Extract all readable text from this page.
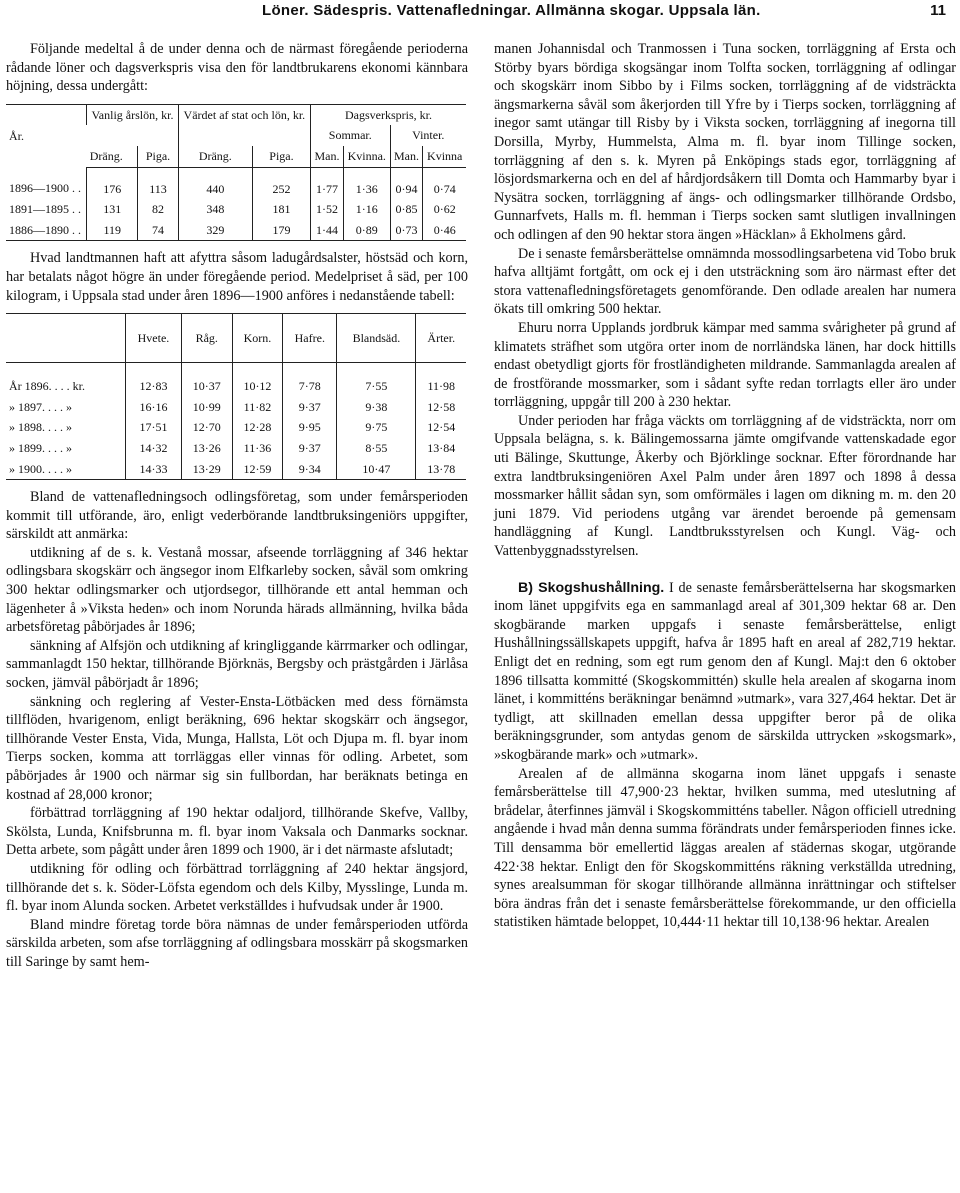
Löner. Sädespris. Vattenafledningar. Allmänna skogar. Uppsala län.	11

Följande medeltal å de under denna och de närmast föregående perioderna rådande löner och dagsverkspris visa den för landtbrukarens ekonomi kännbara höjning, dessa undergått:

År.	Vanlig årslön, kr.		Värdet af stat och lön, kr.		Dagsverkspris, kr.			
					Sommar.		Vinter.	
	Dräng.	Piga.	Dräng.	Piga.	Man.	Kvinna.	Man.	Kvinna
1896—1900 . .	176	113	440	252	1·77	1·36	0·94	0·74
1891—1895 . .	131	82	348	181	1·52	1·16	0·85	0·62
1886—1890 . .	119	74	329	179	1·44	0·89	0·73	0·46

Hvad landtmannen haft att afyttra såsom ladugårdsalster, höstsäd och korn, har betalats något högre än under föregående period. Medelpriset å säd, per 100 kilogram, i Uppsala stad under åren 1896—1900 anföres i nedanstående tabell:

	Hvete.	Råg.	Korn.	Hafre.	Blandsäd.	Ärter.
År 1896. . . . kr.	12·83	10·37	10·12	7·78	7·55	11·98
» 1897. . . . »	16·16	10·99	11·82	9·37	9·38	12·58
» 1898. . . . »	17·51	12·70	12·28	9·95	9·75	12·54
» 1899. . . . »	14·32	13·26	11·36	9·37	8·55	13·84
» 1900. . . . »	14·33	13·29	12·59	9·34	10·47	13·78

Bland de vattenafledningsoch odlingsföretag, som under femårsperioden kommit till utförande, äro, enligt vederbörande landtbruksingeniörs uppgifter, särskildt att anmärka:

utdikning af de s. k. Vestanå mossar, afseende torrläggning af 346 hektar odlingsbara skogskärr och ängsegor inom Elfkarleby socken, såväl som omkring 300 hektar odlingsmarker och utjordsegor, tillhörande ett antal hemman och lägenheter å »Viksta heden» och inom Norunda härads allmänning, hvilka båda arbetsföretag påbörjades år 1896;

sänkning af Alfsjön och utdikning af kringliggande kärrmarker och odlingar, sammanlagdt 150 hektar, tillhörande Björknäs, Bergsby och prästgården i Järlåsa socken, jämväl påbörjadt år 1896;

sänkning och reglering af Vester-Ensta-Lötbäcken med dess förnämsta tillflöden, hvarigenom, enligt beräkning, 696 hektar skogskärr och ängsegor, tillhörande Vester Ensta, Vida, Munga, Hallsta, Löt och Djupa m. fl. byar inom Tierps socken, komma att torrläggas eller vinnas för odling. Arbetet, som påbörjades år 1900 och närmar sig sin fullbordan, har beräknats betinga en kostnad af 28,000 kronor;

förbättrad torrläggning af 190 hektar odaljord, tillhörande Skefve, Vallby, Skölsta, Lunda, Knifsbrunna m. fl. byar inom Vaksala och Danmarks socknar. Detta arbete, som pågått under åren 1899 och 1900, är i det närmaste afslutadt;

utdikning för odling och förbättrad torrläggning af 240 hektar ängsjord, tillhörande det s. k. Söder-Löfsta egendom och dels Kilby, Mysslinge, Lunda m. fl. byar inom Alunda socken. Arbetet verkställdes i hufvudsak under år 1900.

Bland mindre företag torde böra nämnas de under femårsperioden utförda särskilda arbeten, som afse torrläggning af odlingsbara mosskärr på skogsmarken till Saringe by samt hem-

manen Johannisdal och Tranmossen i Tuna socken, torrläggning af Ersta och Störby byars bördiga skogsängar inom Tolfta socken, torrläggning af odlingar och skogskärr inom Sibbo by i Films socken, torrläggning af de vidsträckta ängsmarkerna såväl som åkerjorden till Yfre by i Tierps socken, torrläggning af inegor samt utängar till Risby by i Viksta socken, torrläggning af inegorna till Dorsilla, Myrby, Hummelsta, Alma m. fl. byar inom Tillinge socken, torrläggning af den s. k. Myren på Enköpings stads egor, torrläggning af lösjordsmarkerna och en del af hårdjordsåkern till Domta och Hammarby byar i Nysätra socken, torrläggning af ängs- och odlingsmarker tillhörande Ordsbo, Gunnarfvets, Halls m. fl. hemman i Tierps socken samt slutligen invallningen och odlingen af den 90 hektar stora ängen »Häcklan» å Ekholmens gård.

De i senaste femårsberättelse omnämnda mossodlingsarbetena vid Tobo bruk hafva alltjämt fortgått, om ock ej i den utsträckning som äro närmast efter det stora vattenafledningsföretagets genomförande. Den odlade arealen har numera ökats till omkring 500 hektar.

Ehuru norra Upplands jordbruk kämpar med samma svårigheter på grund af klimatets sträfhet som utgöra orter inom de norrländska länen, har dock hittills endast obetydligt gjorts för frostländigheten mildrande. Sammanlagda arealen af de frostförande mossmarker, som i sådant syfte redan torrlagts eller äro under torrläggning, uppgår till 200 à 230 hektar.

Under perioden har fråga väckts om torrläggning af de vidsträckta, norr om Uppsala belägna, s. k. Bälingemossarna jämte omgifvande vattenskadade egor uti Bälinge, Skuttunge, Åkerby och Björklinge socknar. Efter förordnande har extra landtbruksingeniören Axel Palm under åren 1897 och 1898 å dessa mossmarker hållit sådan syn, som omförmäles i lagen om dikning m. m. den 20 juni 1879. Vid periodens utgång var ärendet beroende på gemensam handläggning af Kungl. Landtbruksstyrelsen och Kungl. Väg- och Vattenbyggnadsstyrelsen.

B) Skogshushållning. I de senaste femårsberättelserna har skogsmarken inom länet uppgifvits ega en sammanlagd areal af 301,309 hektar 68 ar. Den skogbärande marken uppgafs i senaste femårsberättelse, enligt Hushållningssällskapets uppgift, hafva år 1895 haft en areal af 282,719 hektar. Enligt det en redning, som egt rum genom den af Kungl. Maj:t den 6 oktober 1896 tillsatta kommitté (Skogskommittén) skulle hela arealen af skogarna inom länet, i kommitténs beräkningar benämnd »utmark», vara 327,464 hektar. Det är tydligt, att skillnaden emellan dessa uppgifter beror på de olika beräkningsgrunder, som antydas genom de särskilda uttrycken »skogsmark», »skogbärande mark» och »utmark».

Arealen af de allmänna skogarna inom länet uppgafs i senaste femårsberättelse till 47,900·23 hektar, hvilken summa, med uteslutning af brådelar, återfinnes jämväl i Skogskommitténs tabeller. Någon officiell utredning angående i hvad mån denna summa förändrats under femårsperioden finnes icke. Till densamma bör emellertid läggas arealen af städernas skogar, utgörande 422·38 hektar. Enligt den för Skogskommitténs räkning verkställda utredning, synes arealsumman för skogar tillhörande allmänna inrättningar och stiftelser böra ändras från det i senaste femårsberättelse förekommande, ur den officiella statistiken hämtade beloppet, 10,444·11 hektar till 10,138·96 hektar. Arealen
